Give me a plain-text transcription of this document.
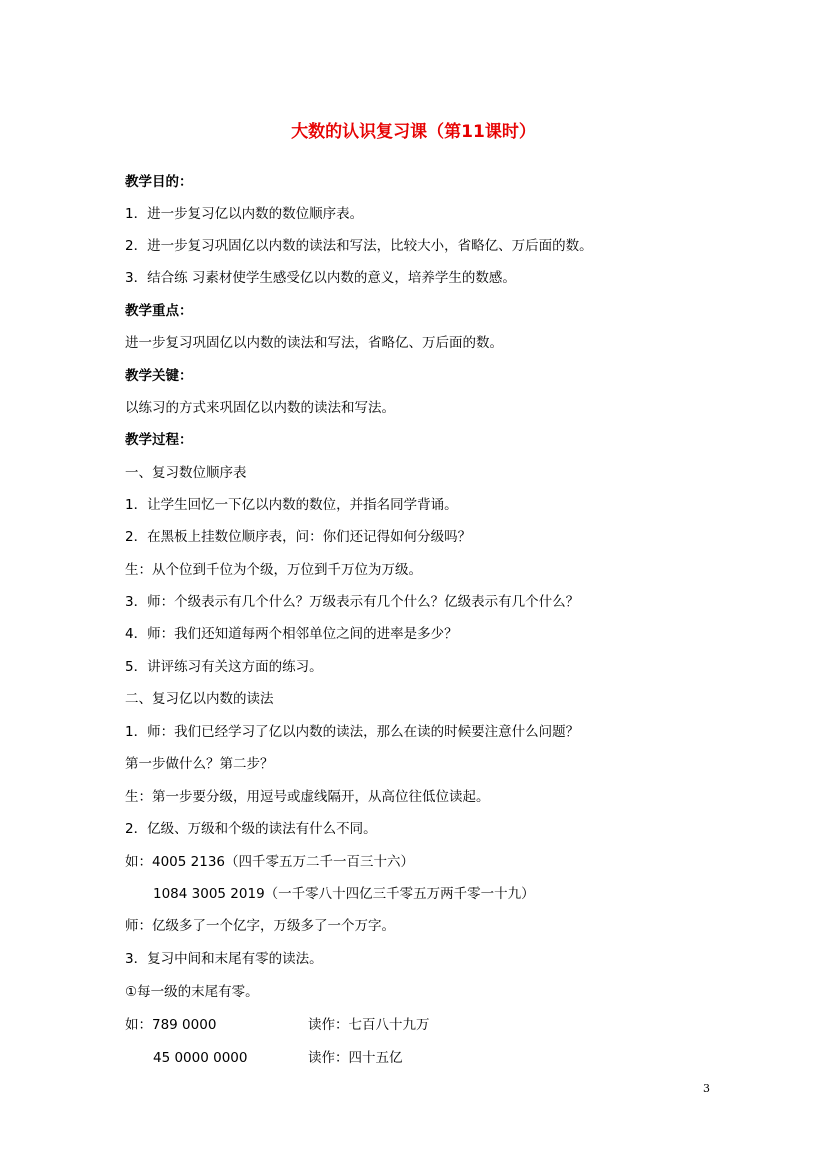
大数的认识复习课（第11课时）
教学目的：
1．进一步复习亿以内数的数位顺序表。
2．进一步复习巩固亿以内数的读法和写法，比较大小，省略亿、万后面的数。
3．结合练 习素材使学生感受亿以内数的意义，培养学生的数感。
教学重点：
进一步复习巩固亿以内数的读法和写法，省略亿、万后面的数。
教学关键：
以练习的方式来巩固亿以内数的读法和写法。
教学过程：
一、复习数位顺序表
1．让学生回忆一下亿以内数的数位，并指名同学背诵。
2．在黑板上挂数位顺序表，问：你们还记得如何分级吗？
生：从个位到千位为个级，万位到千万位为万级。
3．师：个级表示有几个什么？万级表示有几个什么？亿级表示有几个什么？
4．师：我们还知道每两个相邻单位之间的进率是多少？
5．讲评练习有关这方面的练习。
二、复习亿以内数的读法
1．师：我们已经学习了亿以内数的读法，那么在读的时候要注意什么问题？
第一步做什么？第二步？
生：第一步要分级，用逗号或虚线隔开，从高位往低位读起。
2．亿级、万级和个级的读法有什么不同。
如：4005 2136（四千零五万二千一百三十六）
1084 3005 2019（一千零八十四亿三千零五万两千零一十九）
师：亿级多了一个亿字，万级多了一个万字。
3．复习中间和末尾有零的读法。
①每一级的末尾有零。
如：789 0000	读作：七百八十九万
45 0000 0000	读作：四十五亿
3
